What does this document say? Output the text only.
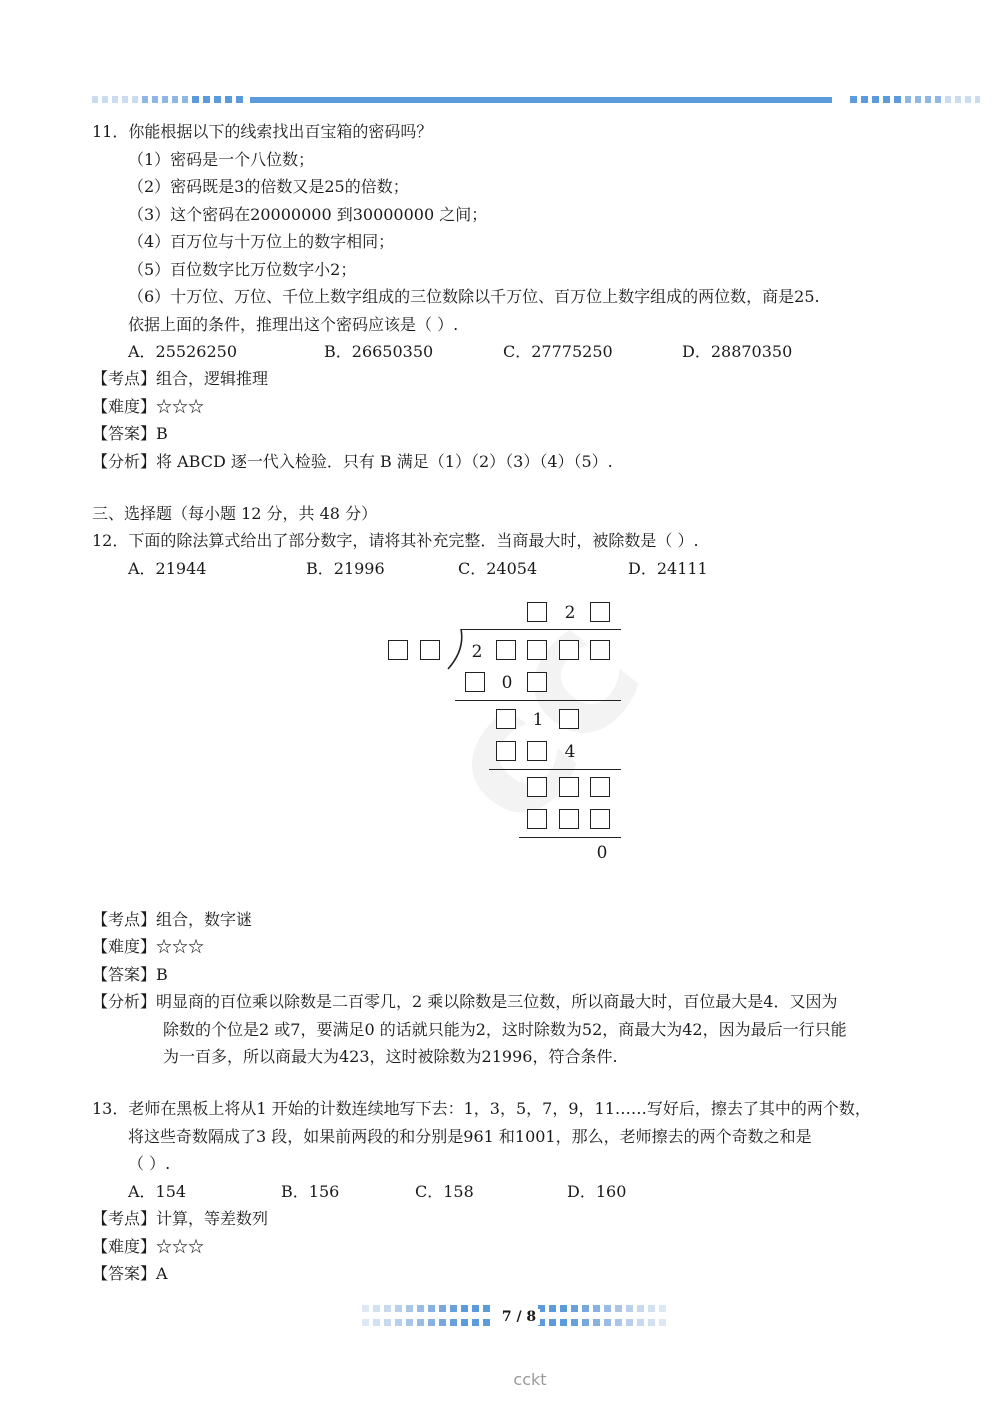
11．你能根据以下的线索找出百宝箱的密码吗？
（1）密码是一个八位数；
（2）密码既是3的倍数又是25的倍数；
（3）这个密码在20000000 到30000000 之间；
（4）百万位与十万位上的数字相同；
（5）百位数字比万位数字小2；
（6）十万位、万位、千位上数字组成的三位数除以千万位、百万位上数字组成的两位数，商是25.
依据上面的条件，推理出这个密码应该是（ ）.
A．25526250	B．26650350	C．27775250	D．28870350
【考点】组合，逻辑推理
【难度】☆☆☆
【答案】B
【分析】将 ABCD 逐一代入检验．只有 B 满足（1）（2）（3）（4）（5）.
三、选择题（每小题 12 分，共 48 分）
12．下面的除法算式给出了部分数字，请将其补充完整．当商最大时，被除数是（ ）.
A．21944	B．21996	C．24054	D．24111
2
2
0
1
4
0
【考点】组合，数字谜
【难度】☆☆☆
【答案】B
【分析】明显商的百位乘以除数是二百零几，2 乘以除数是三位数，所以商最大时，百位最大是4．又因为
除数的个位是2 或7，要满足0 的话就只能为2，这时除数为52，商最大为42，因为最后一行只能
为一百多，所以商最大为423，这时被除数为21996，符合条件.
13．老师在黑板上将从1 开始的计数连续地写下去：1，3，5，7，9，11……写好后，擦去了其中的两个数，
将这些奇数隔成了3 段，如果前两段的和分别是961 和1001，那么，老师擦去的两个奇数之和是
（ ）.
A．154	B．156	C．158	D．160
【考点】计算，等差数列
【难度】☆☆☆
【答案】A
7 / 8
cckt
